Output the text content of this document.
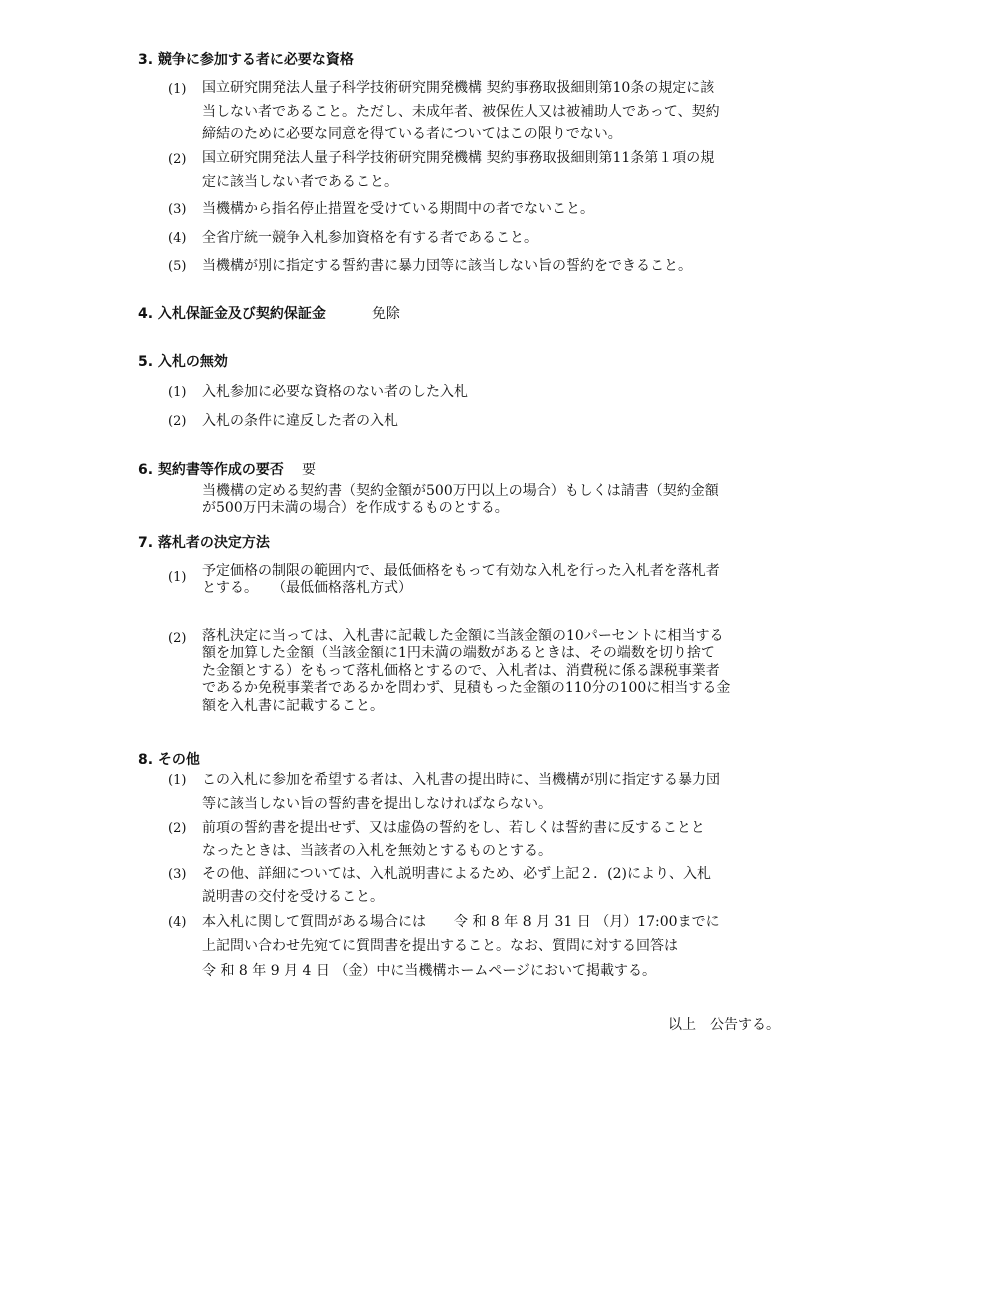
3. 競争に参加する者に必要な資格
(1) 国立研究開発法人量子科学技術研究開発機構 契約事務取扱細則第10条の規定に該
当しない者であること。ただし、未成年者、被保佐人又は被補助人であって、契約
締結のために必要な同意を得ている者についてはこの限りでない。
(2) 国立研究開発法人量子科学技術研究開発機構 契約事務取扱細則第11条第１項の規
定に該当しない者であること。
(3) 当機構から指名停止措置を受けている期間中の者でないこと。
(4) 全省庁統一競争入札参加資格を有する者であること。
(5) 当機構が別に指定する誓約書に暴力団等に該当しない旨の誓約をできること。
4. 入札保証金及び契約保証金	免除
5. 入札の無効
(1) 入札参加に必要な資格のない者のした入札
(2) 入札の条件に違反した者の入札
6. 契約書等作成の要否 要
当機構の定める契約書（契約金額が500万円以上の場合）もしくは請書（契約金額
が500万円未満の場合）を作成するものとする。
7. 落札者の決定方法
(1) 予定価格の制限の範囲内で、最低価格をもって有効な入札を行った入札者を落札者
とする。　　（最低価格落札方式）
(2) 落札決定に当っては、入札書に記載した金額に当該金額の10パーセントに相当する
額を加算した金額（当該金額に1円未満の端数があるときは、その端数を切り捨て
た金額とする）をもって落札価格とするので、入札者は、消費税に係る課税事業者
であるか免税事業者であるかを問わず、見積もった金額の110分の100に相当する金
額を入札書に記載すること。
8. その他
(1) この入札に参加を希望する者は、入札書の提出時に、当機構が別に指定する暴力団
等に該当しない旨の誓約書を提出しなければならない。
(2) 前項の誓約書を提出せず、又は虚偽の誓約をし、若しくは誓約書に反することと
なったときは、当該者の入札を無効とするものとする。
(3) その他、詳細については、入札説明書によるため、必ず上記２．(2)により、入札
説明書の交付を受けること。
(4) 本入札に関して質問がある場合には　　令 和 8 年 8 月 31 日 （月）17:00までに
上記問い合わせ先宛てに質問書を提出すること。なお、質問に対する回答は
令 和 8 年 9 月 4 日 （金）中に当機構ホームページにおいて掲載する。
以上　公告する。
